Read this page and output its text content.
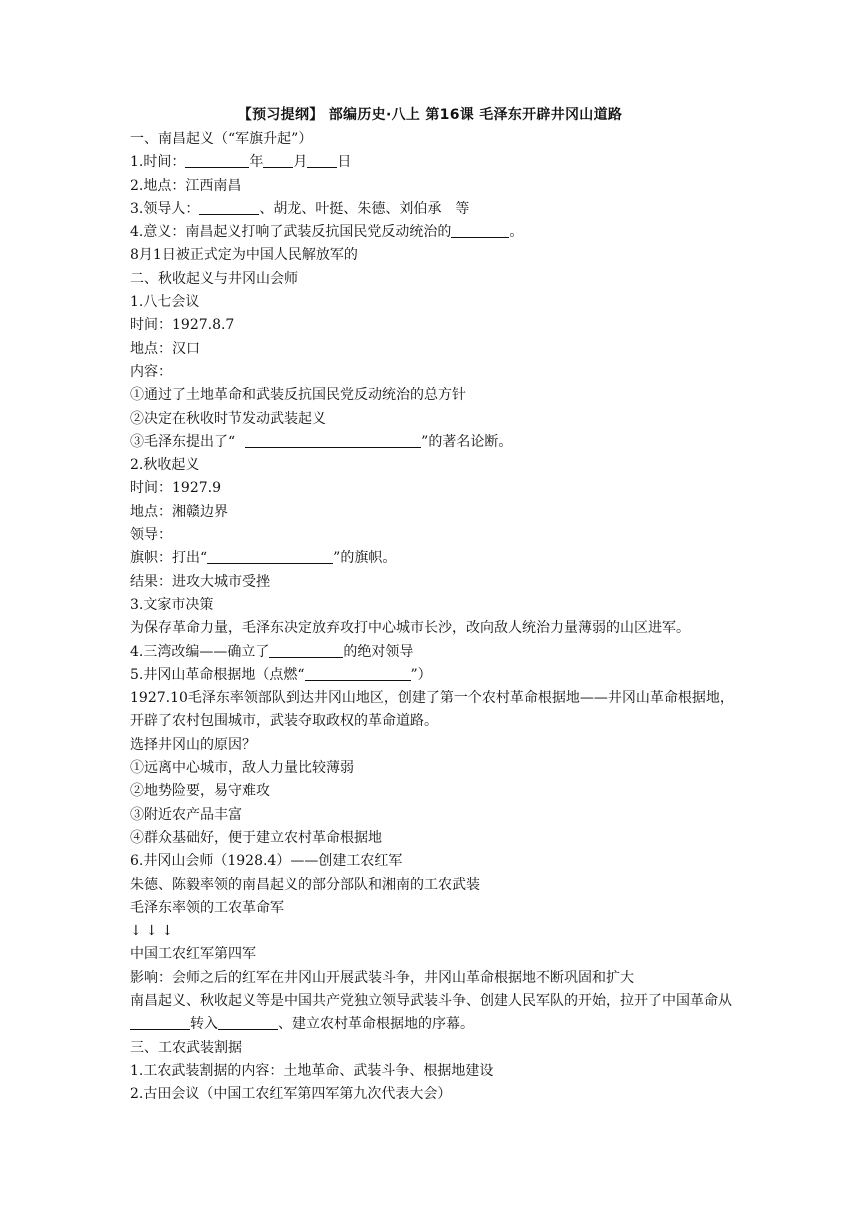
【预习提纲】 部编历史·八上 第16课 毛泽东开辟井冈山道路
一、南昌起义（“军旗升起”）
1.时间：	年 月 日
2.地点：江西南昌
3.领导人：	、胡龙、叶挺、朱德、刘伯承　等
4.意义：南昌起义打响了武装反抗国民党反动统治的	。
8月1日被正式定为中国人民解放军的
二、秋收起义与井冈山会师
1.八七会议
时间：1927.8.7
地点：汉口
内容：
①通过了土地革命和武装反抗国民党反动统治的总方针
②决定在秋收时节发动武装起义
③毛泽东提出了“	”的著名论断。
2.秋收起义
时间：1927.9
地点：湘赣边界
领导：
旗帜：打出“	”的旗帜。
结果：进攻大城市受挫
3.文家市决策
为保存革命力量，毛泽东决定放弃攻打中心城市长沙，改向敌人统治力量薄弱的山区进军。
4.三湾改编——确立了	的绝对领导
5.井冈山革命根据地（点燃“	”）
1927.10毛泽东率领部队到达井冈山地区，创建了第一个农村革命根据地——井冈山革命根据地，开辟了农村包围城市，武装夺取政权的革命道路。
选择井冈山的原因？
①远离中心城市，敌人力量比较薄弱
②地势险要，易守难攻
③附近农产品丰富
④群众基础好，便于建立农村革命根据地
6.井冈山会师（1928.4）——创建工农红军
朱德、陈毅率领的南昌起义的部分部队和湘南的工农武装
毛泽东率领的工农革命军
↓↓↓
中国工农红军第四军
影响：会师之后的红军在井冈山开展武装斗争，井冈山革命根据地不断巩固和扩大
南昌起义、秋收起义等是中国共产党独立领导武装斗争、创建人民军队的开始，拉开了中国革命从转入	、建立农村革命根据地的序幕。
三、工农武装割据
1.工农武装割据的内容：土地革命、武装斗争、根据地建设
2.古田会议（中国工农红军第四军第九次代表大会）
